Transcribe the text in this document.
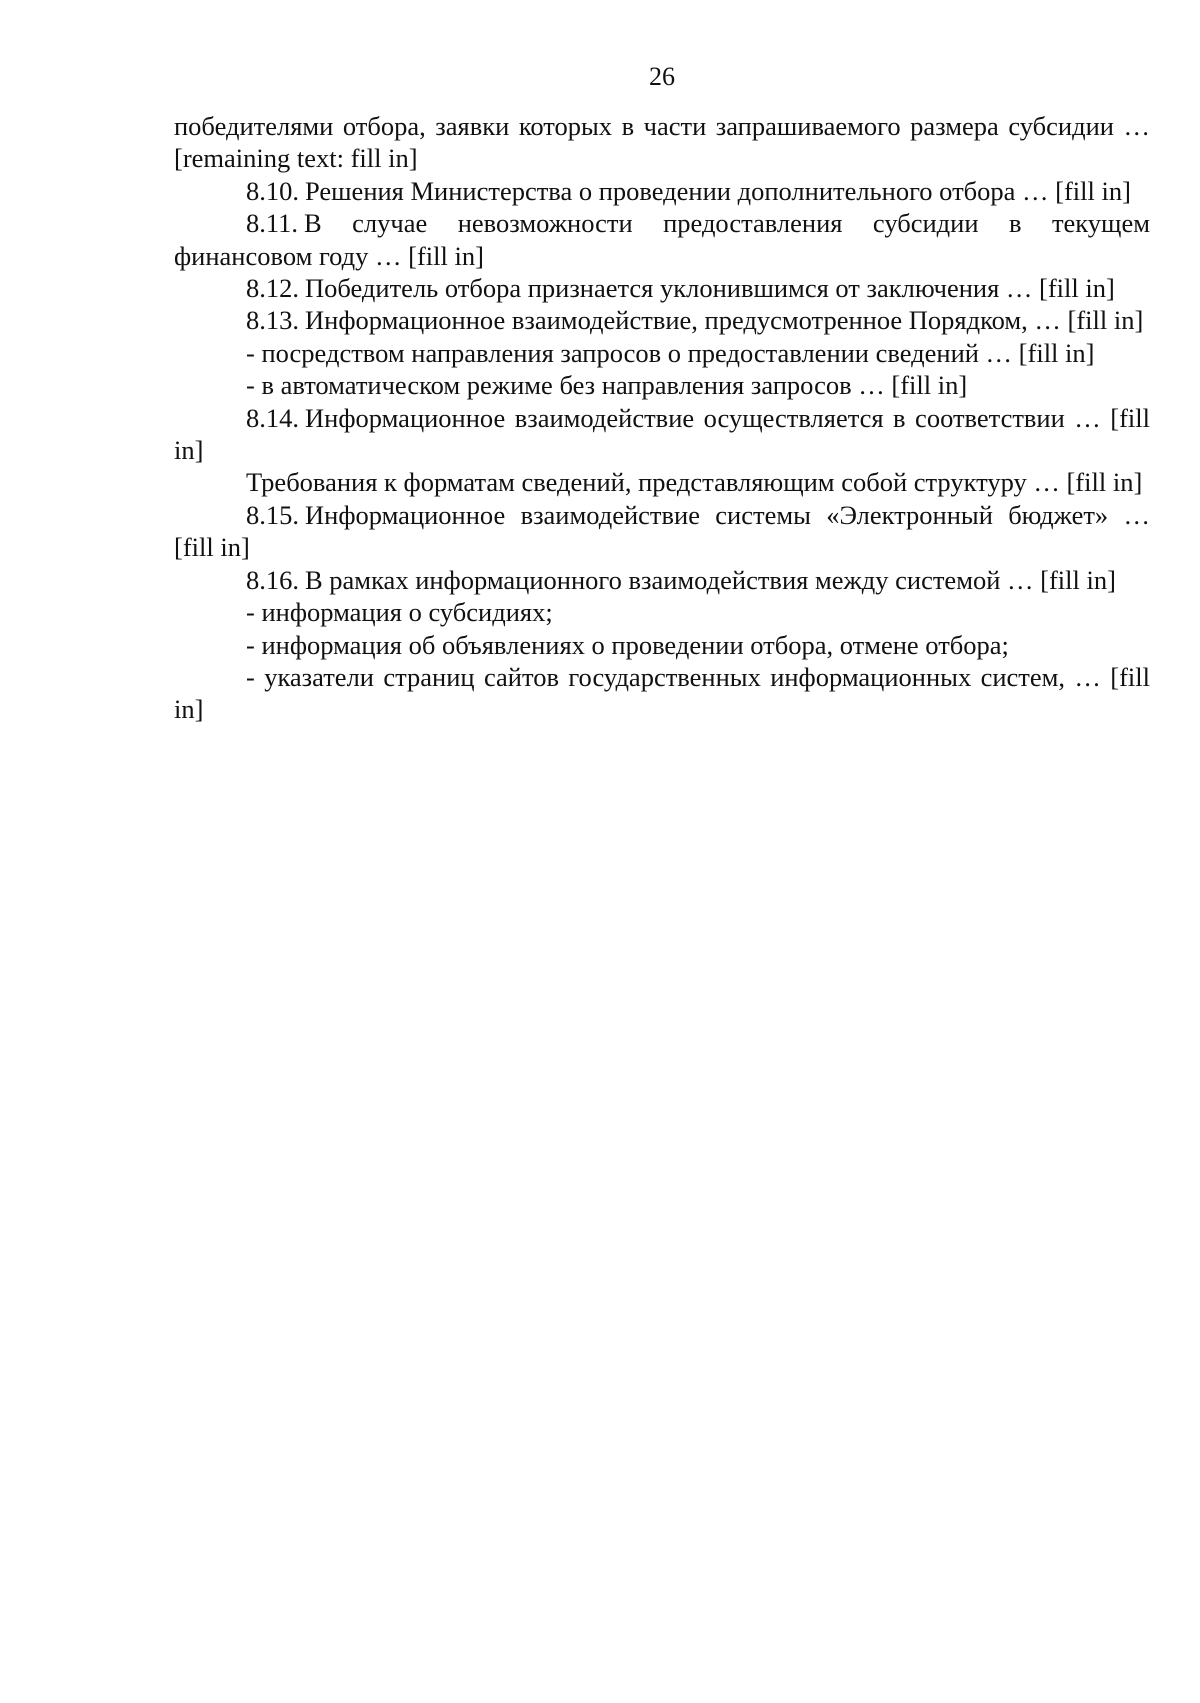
26

победителями отбора, заявки которых в части запрашиваемого размера субсидии … [remaining text: fill in]

8.10. Решения Министерства о проведении дополнительного отбора … [fill in]

8.11. В случае невозможности предоставления субсидии в текущем финансовом году … [fill in]

8.12. Победитель отбора признается уклонившимся от заключения … [fill in]

8.13. Информационное взаимодействие, предусмотренное Порядком, … [fill in]

- посредством направления запросов о предоставлении сведений … [fill in]

- в автоматическом режиме без направления запросов … [fill in]

8.14. Информационное взаимодействие осуществляется в соответствии … [fill in]

Требования к форматам сведений, представляющим собой структуру … [fill in]

8.15. Информационное взаимодействие системы «Электронный бюджет» … [fill in]

8.16. В рамках информационного взаимодействия между системой … [fill in]

- информация о субсидиях;

- информация об объявлениях о проведении отбора, отмене отбора;

- указатели страниц сайтов государственных информационных систем, … [fill in]
